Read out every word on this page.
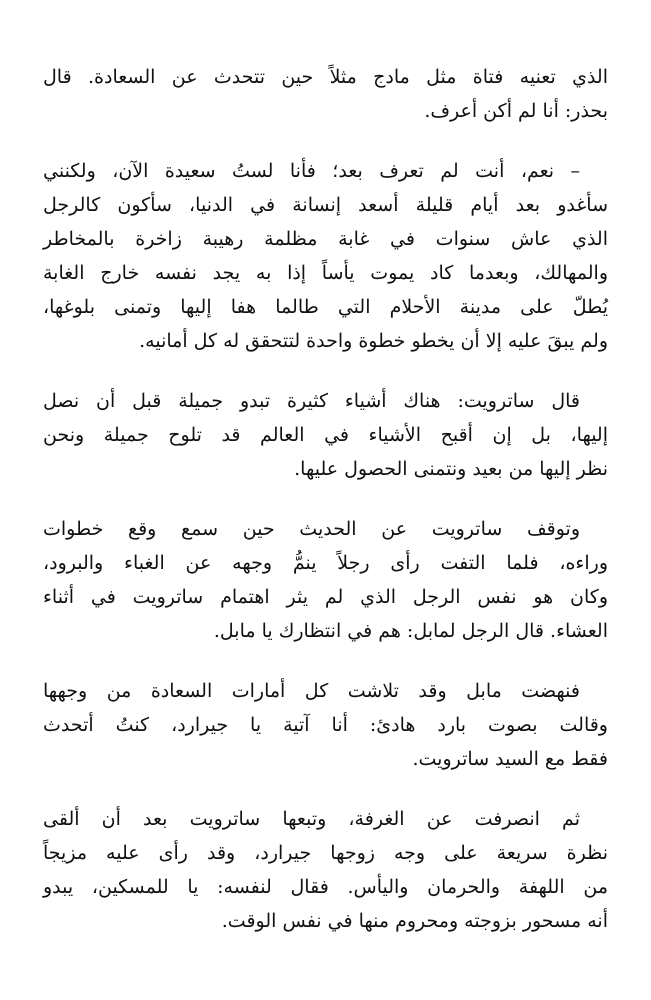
الذي تعنيه فتاة مثل مادج مثلاً حين تتحدث عن السعادة. قال
بحذر: أنا لم أكن أعرف.

– نعم، أنت لم تعرف بعد؛ فأنا لستُ سعيدة الآن، ولكنني
سأغدو بعد أيام قليلة أسعد إنسانة في الدنيا، سأكون كالرجل
الذي عاش سنوات في غابة مظلمة رهيبة زاخرة بالمخاطر
والمهالك، وبعدما كاد يموت يأساً إذا به يجد نفسه خارج الغابة
يُطلّ على مدينة الأحلام التي طالما هفا إليها وتمنى بلوغها،
ولم يبقَ عليه إلا أن يخطو خطوة واحدة لتتحقق له كل أمانيه.

قال ساترويت: هناك أشياء كثيرة تبدو جميلة قبل أن نصل
إليها، بل إن أقبح الأشياء في العالم قد تلوح جميلة ونحن
نظر إليها من بعيد ونتمنى الحصول عليها.

وتوقف ساترويت عن الحديث حين سمع وقع خطوات
وراءه، فلما التفت رأى رجلاً ينمُّ وجهه عن الغباء والبرود،
وكان هو نفس الرجل الذي لم يثر اهتمام ساترويت في أثناء
العشاء. قال الرجل لمابل: هم في انتظارك يا مابل.

فنهضت مابل وقد تلاشت كل أمارات السعادة من وجهها
وقالت بصوت بارد هادئ: أنا آتية يا جيرارد، كنتُ أتحدث
فقط مع السيد ساترويت.

ثم انصرفت عن الغرفة، وتبعها ساترويت بعد أن ألقى
نظرة سريعة على وجه زوجها جيرارد، وقد رأى عليه مزيجاً
من اللهفة والحرمان واليأس. فقال لنفسه: يا للمسكين، يبدو
أنه مسحور بزوجته ومحروم منها في نفس الوقت.
